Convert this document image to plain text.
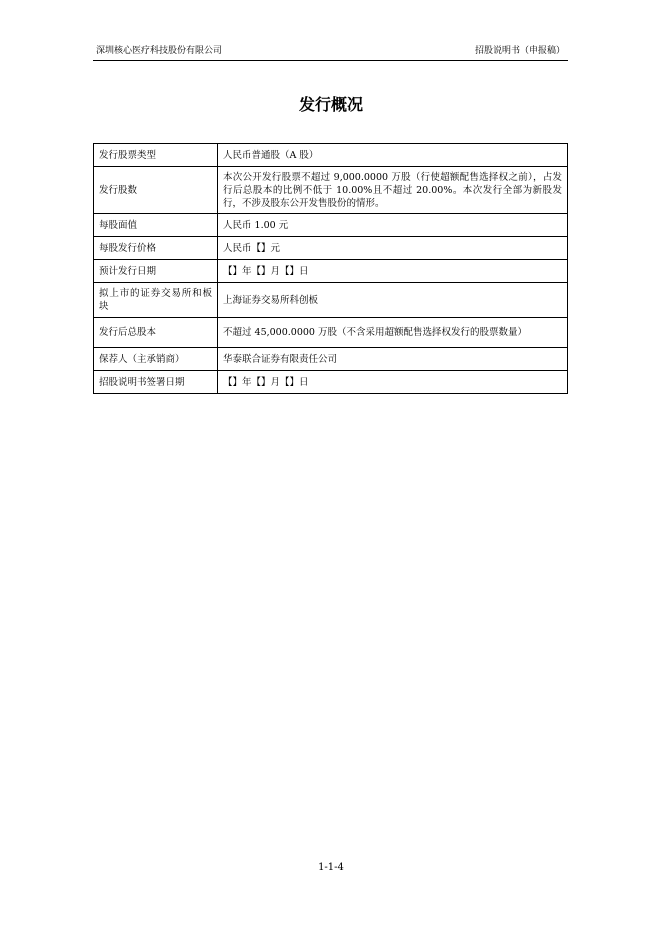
深圳核心医疗科技股份有限公司	招股说明书（申报稿）
发行概况
发行股票类型	人民币普通股（A 股）
发行股数	本次公开发行股票不超过 9,000.0000 万股（行使超额配售选择权之前），占发行后总股本的比例不低于 10.00%且不超过 20.00%。本次发行全部为新股发行，不涉及股东公开发售股份的情形。
每股面值	人民币 1.00 元
每股发行价格	人民币【】元
预计发行日期	【】年【】月【】日
拟上市的证券交易所和板块	上海证券交易所科创板
发行后总股本	不超过 45,000.0000 万股（不含采用超额配售选择权发行的股票数量）
保荐人（主承销商）	华泰联合证券有限责任公司
招股说明书签署日期	【】年【】月【】日
1-1-4
